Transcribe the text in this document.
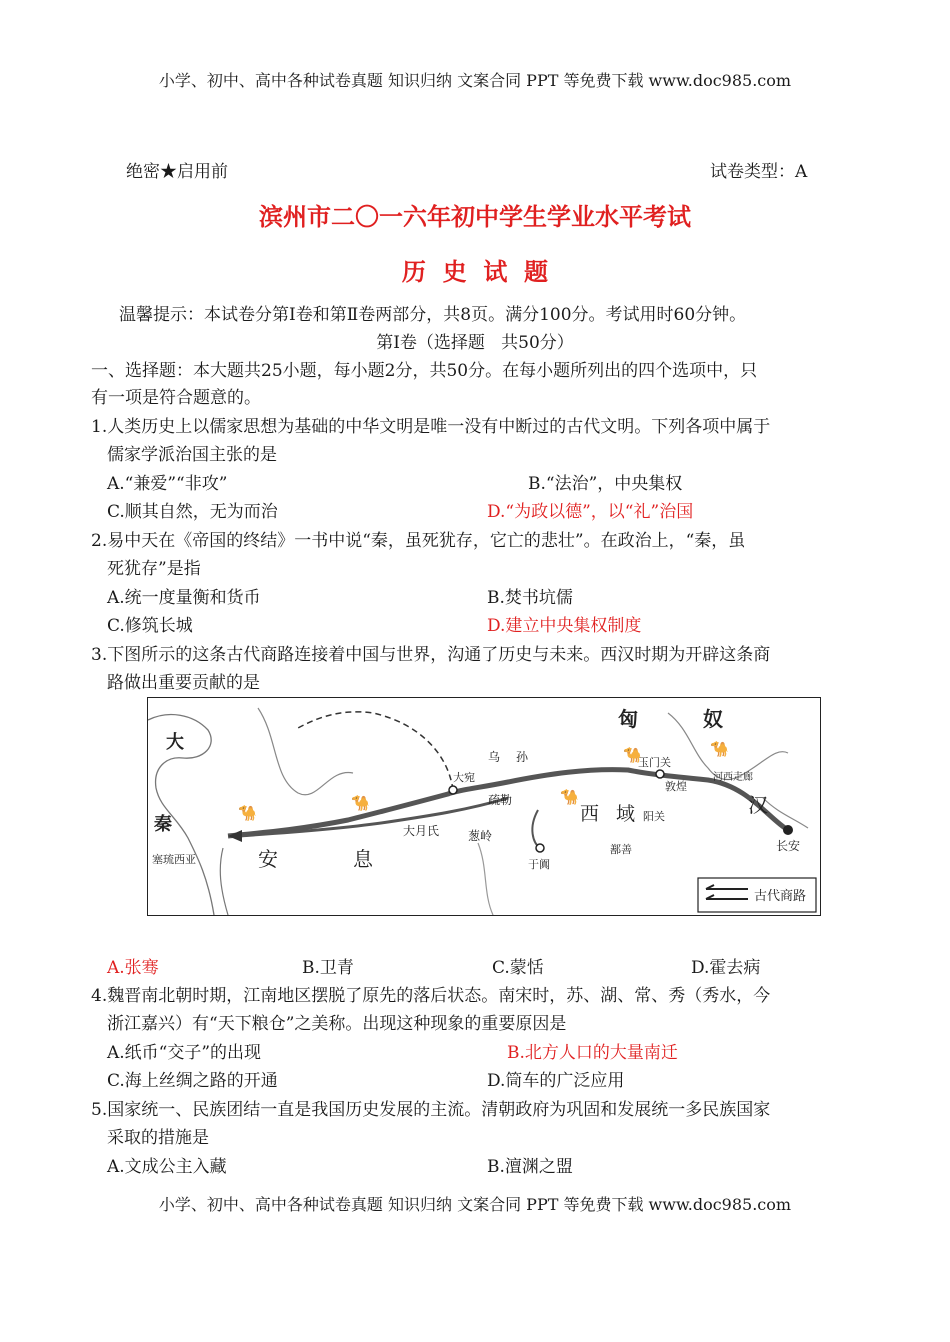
小学、初中、高中各种试卷真题 知识归纳 文案合同 PPT 等免费下载 www.doc985.com
绝密★启用前	试卷类型：A
滨州市二〇一六年初中学生学业水平考试
历  史  试  题
温馨提示：本试卷分第Ⅰ卷和第Ⅱ卷两部分，共8页。满分100分。考试用时60分钟。
第Ⅰ卷（选择题   共50分）
一、选择题：本大题共25小题，每小题2分，共50分。在每小题所列出的四个选项中，只
有一项是符合题意的。
1.人类历史上以儒家思想为基础的中华文明是唯一没有中断过的古代文明。下列各项中属于
儒家学派治国主张的是
A.“兼爱”“非攻”	B.“法治”，中央集权
C.顺其自然，无为而治	D.“为政以德”，以“礼”治国
2.易中天在《帝国的终结》一书中说“秦，虽死犹存，它亡的悲壮”。在政治上，“秦，虽
死犹存”是指
A.统一度量衡和货币	B.焚书坑儒
C.修筑长城	D.建立中央集权制度
3.下图所示的这条古代商路连接着中国与世界，沟通了历史与未来。西汉时期为开辟这条商
路做出重要贡献的是
🐪
🐪	🐪
🐪	🐪
匈	奴
大
秦
安	息
乌 孙
大宛
疏勒
大月氏 葱岭
西 域
鄯善
阳关
玉门关
敦煌
河西走廊
汉
长安
于阗
塞琉西亚
古代商路
A.张骞	B.卫青	C.蒙恬	D.霍去病
4.魏晋南北朝时期，江南地区摆脱了原先的落后状态。南宋时，苏、湖、常、秀（秀水，今
浙江嘉兴）有“天下粮仓”之美称。出现这种现象的重要原因是
A.纸币“交子”的出现	B.北方人口的大量南迁
C.海上丝绸之路的开通	D.筒车的广泛应用
5.国家统一、民族团结一直是我国历史发展的主流。清朝政府为巩固和发展统一多民族国家
采取的措施是
A.文成公主入藏	B.澶渊之盟
小学、初中、高中各种试卷真题 知识归纳 文案合同 PPT 等免费下载 www.doc985.com
